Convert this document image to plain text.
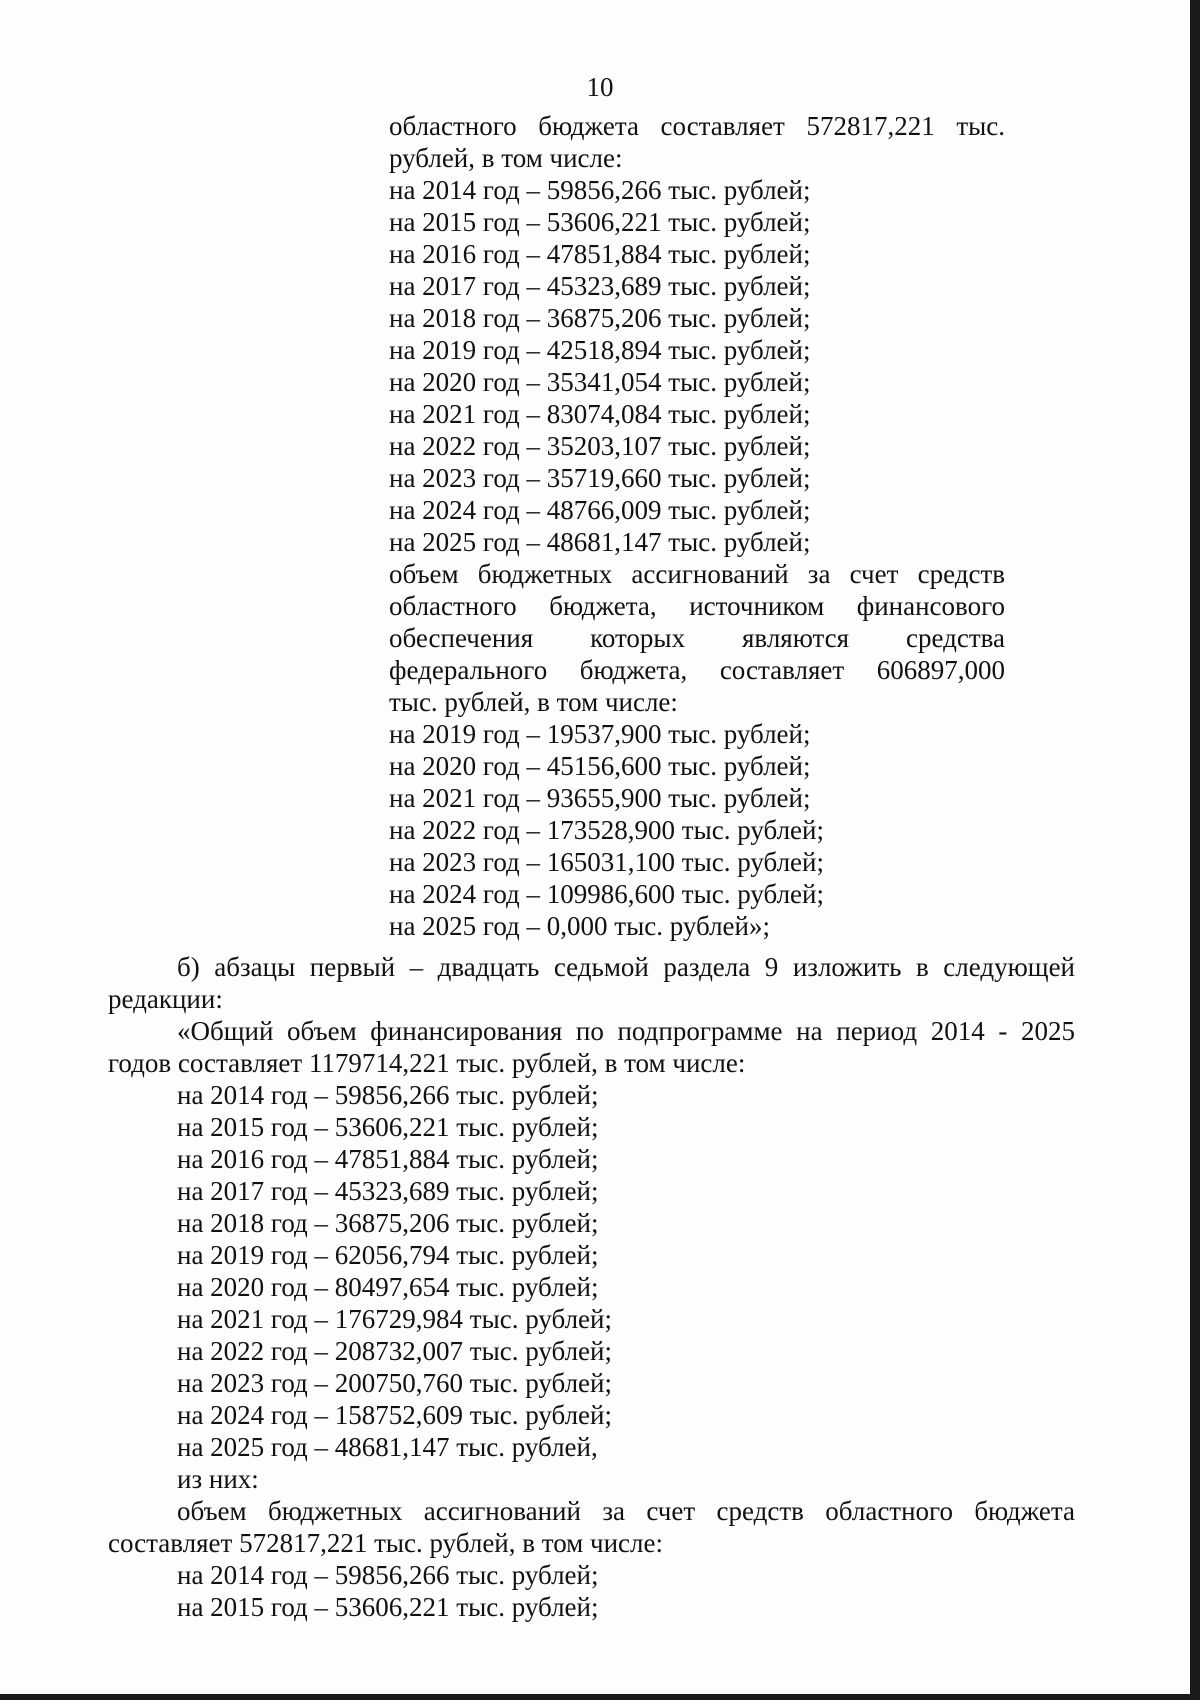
10
областного бюджета составляет 572817,221 тыс.
рублей, в том числе:
на 2014 год – 59856,266 тыс. рублей;
на 2015 год – 53606,221 тыс. рублей;
на 2016 год – 47851,884 тыс. рублей;
на 2017 год – 45323,689 тыс. рублей;
на 2018 год – 36875,206 тыс. рублей;
на 2019 год – 42518,894 тыс. рублей;
на 2020 год – 35341,054 тыс. рублей;
на 2021 год – 83074,084 тыс. рублей;
на 2022 год – 35203,107 тыс. рублей;
на 2023 год – 35719,660 тыс. рублей;
на 2024 год – 48766,009 тыс. рублей;
на 2025 год – 48681,147 тыс. рублей;
объем бюджетных ассигнований за счет средств
областного бюджета, источником финансового
обеспечения которых являются средства
федерального бюджета, составляет 606897,000
тыс. рублей, в том числе:
на 2019 год – 19537,900 тыс. рублей;
на 2020 год – 45156,600 тыс. рублей;
на 2021 год – 93655,900 тыс. рублей;
на 2022 год – 173528,900 тыс. рублей;
на 2023 год – 165031,100 тыс. рублей;
на 2024 год – 109986,600 тыс. рублей;
на 2025 год – 0,000 тыс. рублей»;
б) абзацы первый – двадцать седьмой раздела 9 изложить в следующей
редакции:
«Общий объем финансирования по подпрограмме на период 2014 - 2025
годов составляет 1179714,221 тыс. рублей, в том числе:
на 2014 год – 59856,266 тыс. рублей;
на 2015 год – 53606,221 тыс. рублей;
на 2016 год – 47851,884 тыс. рублей;
на 2017 год – 45323,689 тыс. рублей;
на 2018 год – 36875,206 тыс. рублей;
на 2019 год – 62056,794 тыс. рублей;
на 2020 год – 80497,654 тыс. рублей;
на 2021 год – 176729,984 тыс. рублей;
на 2022 год – 208732,007 тыс. рублей;
на 2023 год – 200750,760 тыс. рублей;
на 2024 год – 158752,609 тыс. рублей;
на 2025 год – 48681,147 тыс. рублей,
из них:
объем бюджетных ассигнований за счет средств областного бюджета
составляет 572817,221 тыс. рублей, в том числе:
на 2014 год – 59856,266 тыс. рублей;
на 2015 год – 53606,221 тыс. рублей;
